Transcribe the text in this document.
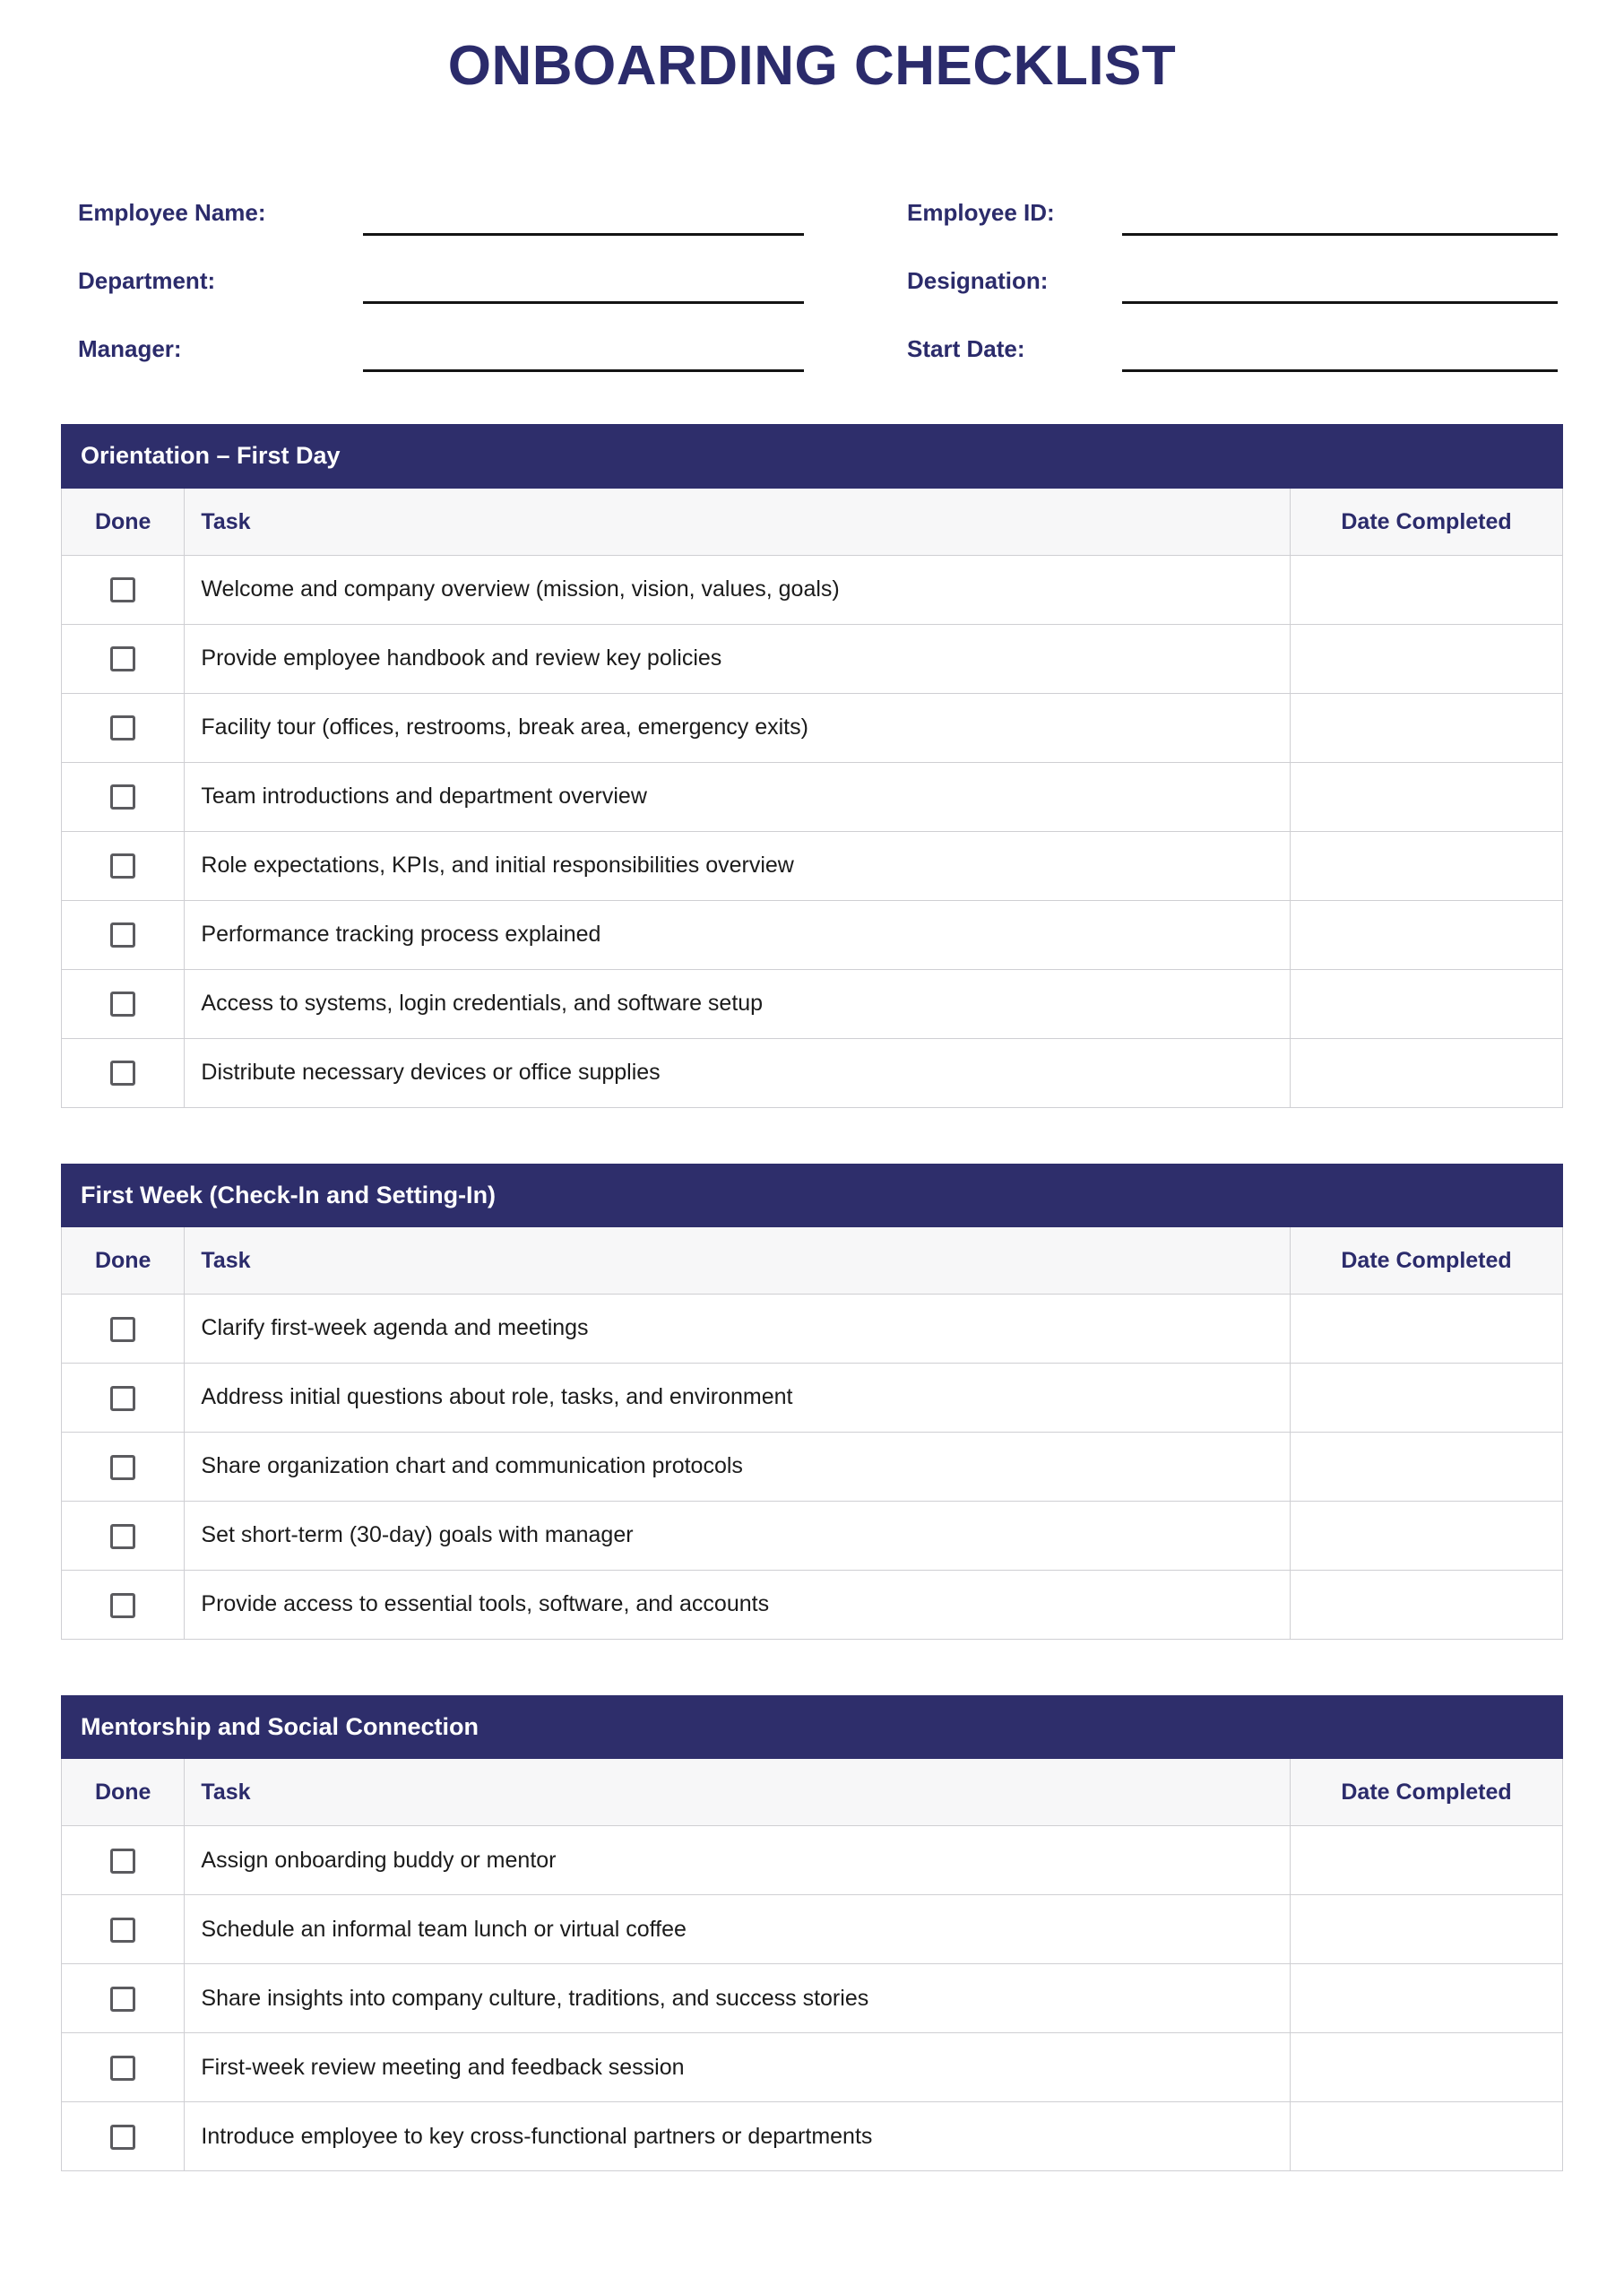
ONBOARDING CHECKLIST
Employee Name:
Department:
Manager:
Employee ID:
Designation:
Start Date:
Orientation – First Day
Done	Task	Date Completed
	Welcome and company overview (mission, vision, values, goals)	
	Provide employee handbook and review key policies	
	Facility tour (offices, restrooms, break area, emergency exits)	
	Team introductions and department overview	
	Role expectations, KPIs, and initial responsibilities overview	
	Performance tracking process explained	
	Access to systems, login credentials, and software setup	
	Distribute necessary devices or office supplies	
First Week (Check-In and Setting-In)
Done	Task	Date Completed
	Clarify first-week agenda and meetings	
	Address initial questions about role, tasks, and environment	
	Share organization chart and communication protocols	
	Set short-term (30-day) goals with manager	
	Provide access to essential tools, software, and accounts	
Mentorship and Social Connection
Done	Task	Date Completed
	Assign onboarding buddy or mentor	
	Schedule an informal team lunch or virtual coffee	
	Share insights into company culture, traditions, and success stories	
	First-week review meeting and feedback session	
	Introduce employee to key cross-functional partners or departments	
